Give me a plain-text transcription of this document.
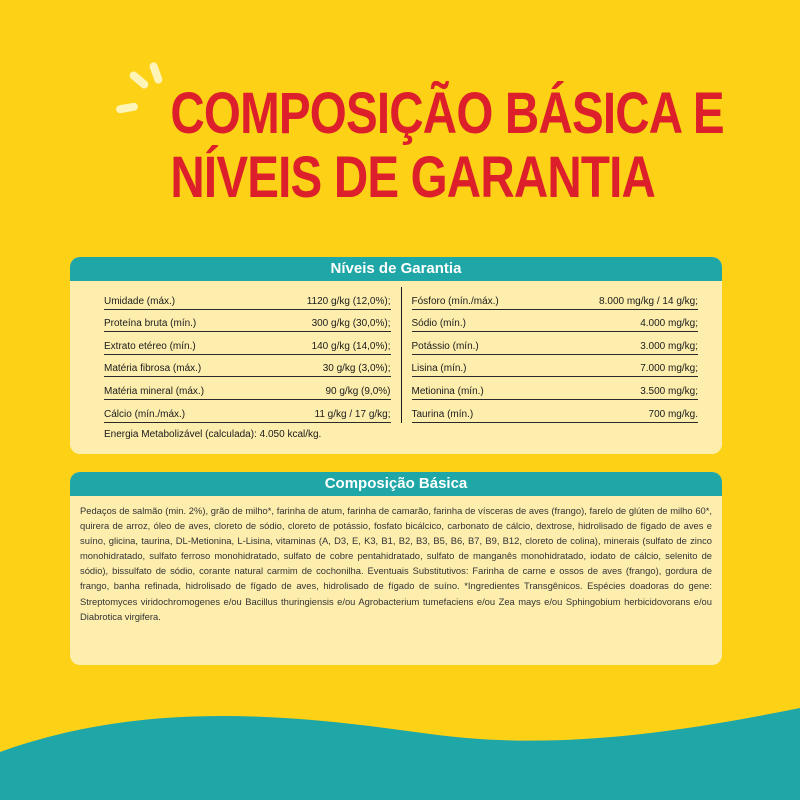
COMPOSIÇÃO BÁSICA E
NÍVEIS DE GARANTIA
Níveis de Garantia
Umidade (máx.)	1120 g/kg (12,0%);
Proteína bruta (mín.)	300 g/kg (30,0%);
Extrato etéreo (mín.)	140 g/kg (14,0%);
Matéria fibrosa (máx.)	30 g/kg (3,0%);
Matéria mineral (máx.)	90 g/kg (9,0%)
Cálcio (mín./máx.)	11 g/kg / 17 g/kg;
Fósforo (mín./máx.)	8.000 mg/kg / 14 g/kg;
Sódio (mín.)	4.000 mg/kg;
Potássio (mín.)	3.000 mg/kg;
Lisina (mín.)	7.000 mg/kg;
Metionina (mín.)	3.500 mg/kg;
Taurina (mín.)	700 mg/kg.
Energia Metabolizável (calculada): 4.050 kcal/kg.
Composição Básica
Pedaços de salmão (min. 2%), grão de milho*, farinha de atum, farinha de camarão, farinha de vísceras de aves (frango), farelo de glúten de milho 60*, quirera de arroz, óleo de aves, cloreto de sódio, cloreto de potássio, fosfato bicálcico, carbonato de cálcio, dextrose, hidrolisado de fígado de aves e suíno, glicina, taurina, DL-Metionina, L-Lisina, vitaminas (A, D3, E, K3, B1, B2, B3, B5, B6, B7, B9, B12, cloreto de colina), minerais (sulfato de zinco monohidratado, sulfato ferroso monohidratado, sulfato de cobre pentahidratado, sulfato de manganês monohidratado, iodato de cálcio, selenito de sódio), bissulfato de sódio, corante natural carmim de cochonilha. Eventuais Substitutivos: Farinha de carne e ossos de aves (frango), gordura de frango, banha refinada, hidrolisado de fígado de aves, hidrolisado de fígado de suíno. *Ingredientes Transgênicos. Espécies doadoras do gene: Streptomyces viridochromogenes e/ou Bacillus thuringiensis e/ou Agrobacterium tumefaciens e/ou Zea mays e/ou Sphingobium herbicidovorans e/ou Diabrotica virgifera.
